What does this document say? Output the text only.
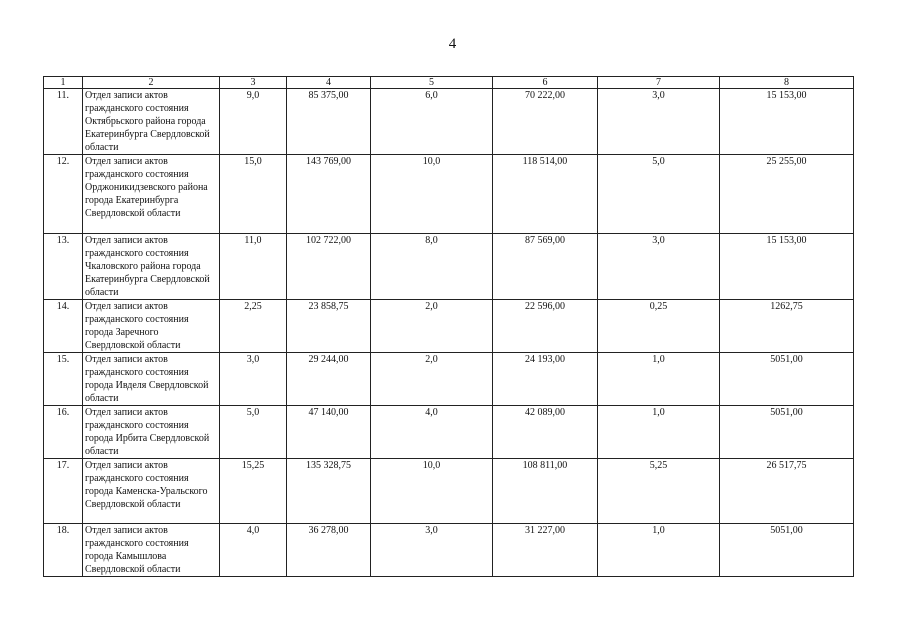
4
1	2	3	4	5	6	7	8
11.	Отдел записи актов гражданского состояния Октябрьского района города Екатеринбурга Свердловской области	9,0	85 375,00	6,0	70 222,00	3,0	15 153,00
12.	Отдел записи актов гражданского состояния Орджоникидзевского района города Екатеринбурга Свердловской области	15,0	143 769,00	10,0	118 514,00	5,0	25 255,00
13.	Отдел записи актов гражданского состояния Чкаловского района города Екатеринбурга Свердловской области	11,0	102 722,00	8,0	87 569,00	3,0	15 153,00
14.	Отдел записи актов гражданского состояния города Заречного Свердловской области	2,25	23 858,75	2,0	22 596,00	0,25	1262,75
15.	Отдел записи актов гражданского состояния города Ивделя Свердловской области	3,0	29 244,00	2,0	24 193,00	1,0	5051,00
16.	Отдел записи актов гражданского состояния города Ирбита Свердловской области	5,0	47 140,00	4,0	42 089,00	1,0	5051,00
17.	Отдел записи актов гражданского состояния города Каменска-Уральского Свердловской области	15,25	135 328,75	10,0	108 811,00	5,25	26 517,75
18.	Отдел записи актов гражданского состояния города Камышлова Свердловской области	4,0	36 278,00	3,0	31 227,00	1,0	5051,00
